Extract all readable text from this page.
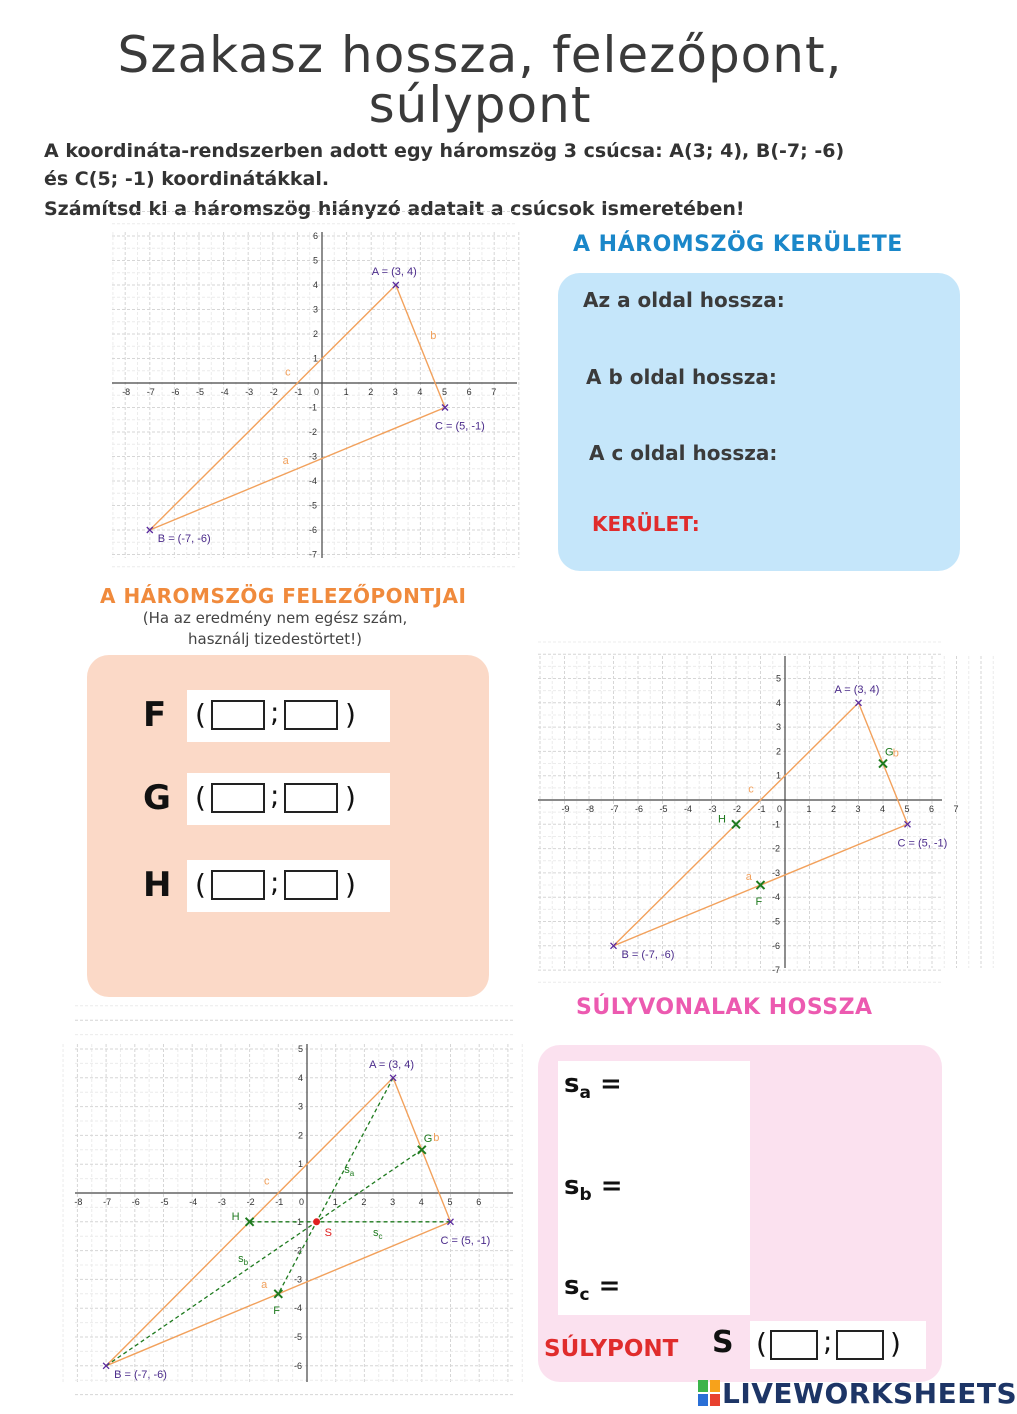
Szakasz hossza, felezőpont,
súlypont
A koordináta-rendszerben adott egy háromszög 3 csúcsa: A(3; 4), B(-7; -6)
és C(5; -1) koordinátákkal.
Számítsd ki a háromszög hiányzó adatait a csúcsok ismeretében!
-8 -7 -6 -5 -4 -3 -2 -1 0	1 2 3 4 5 6 7
6
5
4
3
2
1
-1
-2
-3
-4
-5
-6
-7
A = (3, 4)
B = (-7, -6)
C = (5, -1)
a
b
c
A HÁROMSZÖG KERÜLETE
Az a oldal hossza:
A b oldal hossza:
A c oldal hossza:
KERÜLET:
A HÁROMSZÖG FELEZŐPONTJAI
(Ha az eredmény nem egész szám,
használj tizedestörtet!)
F ( ; )
G ( ; )
H ( ; )
-9 -8 -7 -6 -5 -4 -3 -2 -1 0	1 2 3 4 5 6 7
5
4
3
2
1
-1
-2
-3
-4
-5
-6
-7
F
G
H
A = (3, 4)
B = (-7, -6)
C = (5, -1)
a
b
c
SÚLYVONALAK HOSSZA
-8 -7 -6 -5 -4 -3 -2 -1 0	1	2	3	4	5	6
5
4
3
2
1
-1
-2
-3
-4
-5
-6
S
$s_a$
$s_b$
$s_c$
F
G
H
A = (3, 4)
B = (-7, -6)
C = (5, -1)
a
b
c
$s_a$ =
$s_b$ =
$s_c$ =
SÚLYPONT S ( ; )
LIVEWORKSHEETS
